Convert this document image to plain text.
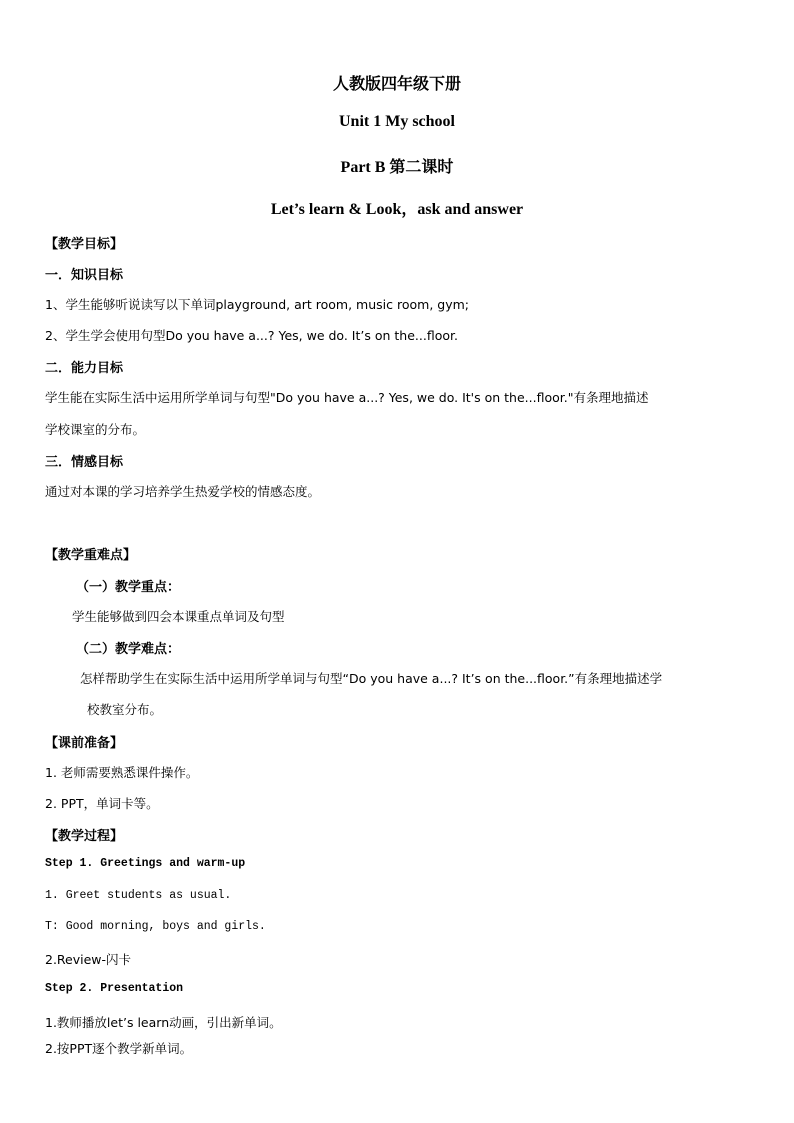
人教版四年级下册
Unit 1 My school
Part B 第二课时
Let’s learn & Look，ask and answer
【教学目标】
一．知识目标
1、学生能够听说读写以下单词playground, art room, music room, gym;
2、学生学会使用句型Do you have a...? Yes, we do. It’s on the...floor.
二．能力目标
学生能在实际生活中运用所学单词与句型"Do you have a...? Yes, we do. It's on the...floor."有条理地描述
学校课室的分布。
三．情感目标
通过对本课的学习培养学生热爱学校的情感态度。
【教学重难点】
（一）教学重点：
学生能够做到四会本课重点单词及句型
（二）教学难点：
怎样帮助学生在实际生活中运用所学单词与句型“Do you have a...? It’s on the...floor.”有条理地描述学
校教室分布。
【课前准备】
1. 老师需要熟悉课件操作。
2. PPT，单词卡等。
【教学过程】
Step 1. Greetings and warm-up
1. Greet students as usual.
T: Good morning, boys and girls.
2.Review-闪卡
Step 2. Presentation
1.教师播放let’s learn动画，引出新单词。
2.按PPT逐个教学新单词。
